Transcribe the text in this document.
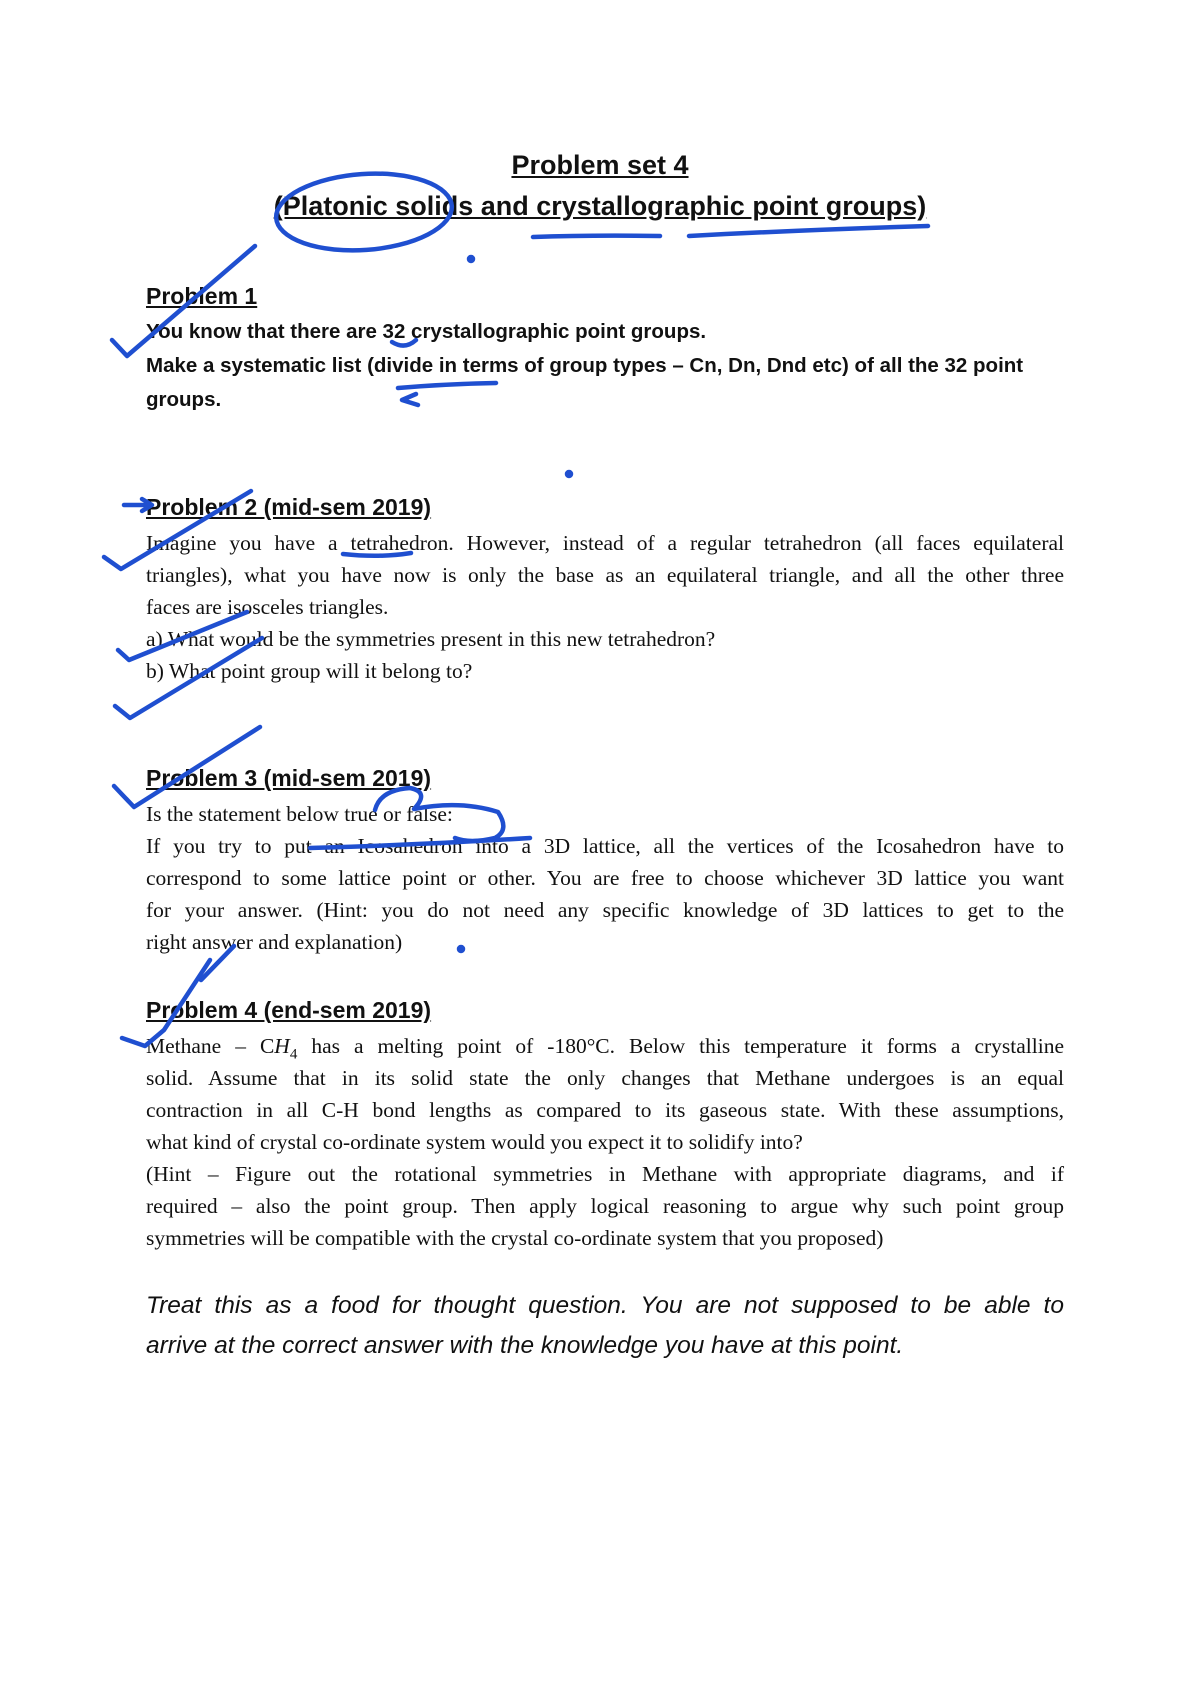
Problem set 4
(Platonic solids and crystallographic point groups)
Problem 1
You know that there are 32 crystallographic point groups.
Make a systematic list (divide in terms of group types – Cn, Dn, Dnd etc) of all the 32 point
groups.
Problem 2 (mid-sem 2019)
Imagine you have a tetrahedron. However, instead of a regular tetrahedron (all faces equilateral
triangles), what you have now is only the base as an equilateral triangle, and all the other three
faces are isosceles triangles.
a) What would be the symmetries present in this new tetrahedron?
b) What point group will it belong to?
Problem 3 (mid-sem 2019)
Is the statement below true or false:
If you try to put an Icosahedron into a 3D lattice, all the vertices of the Icosahedron have to
correspond to some lattice point or other. You are free to choose whichever 3D lattice you want
for your answer. (Hint: you do not need any specific knowledge of 3D lattices to get to the
right answer and explanation)
Problem 4 (end-sem 2019)
Methane – $CH_4$ has a melting point of -180°C. Below this temperature it forms a crystalline
solid. Assume that in its solid state the only changes that Methane undergoes is an equal
contraction in all C-H bond lengths as compared to its gaseous state. With these assumptions,
what kind of crystal co-ordinate system would you expect it to solidify into?
(Hint – Figure out the rotational symmetries in Methane with appropriate diagrams, and if
required – also the point group. Then apply logical reasoning to argue why such point group
symmetries will be compatible with the crystal co-ordinate system that you proposed)
Treat this as a food for thought question. You are not supposed to be able to
arrive at the correct answer with the knowledge you have at this point.
